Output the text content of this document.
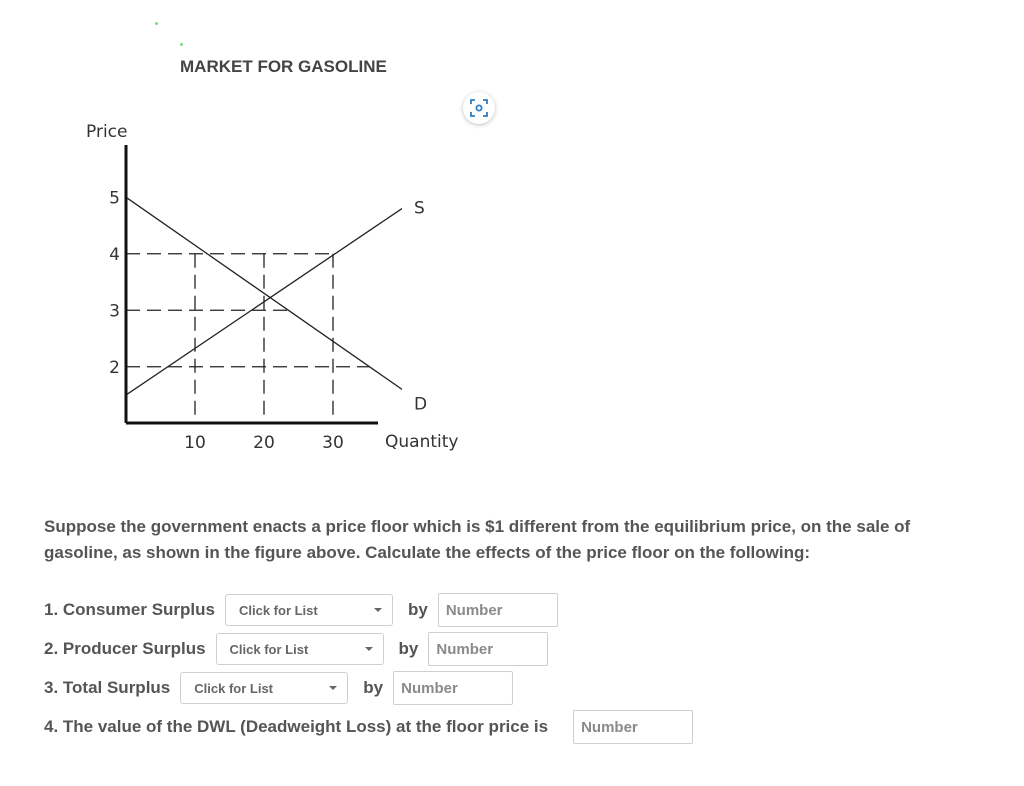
MARKET FOR GASOLINE
Price
Quantity
5
4
3
2
10	20	30
S
D
Suppose the government enacts a price floor which is $1 different from the equilibrium price, on the sale of gasoline, as shown in the figure above. Calculate the effects of the price floor on the following:
1. Consumer Surplus Click for List	by
Number
2. Producer Surplus Click for List	by
Number
3. Total Surplus Click for List	by
Number
4. The value of the DWL (Deadweight Loss) at the floor price is
Number
